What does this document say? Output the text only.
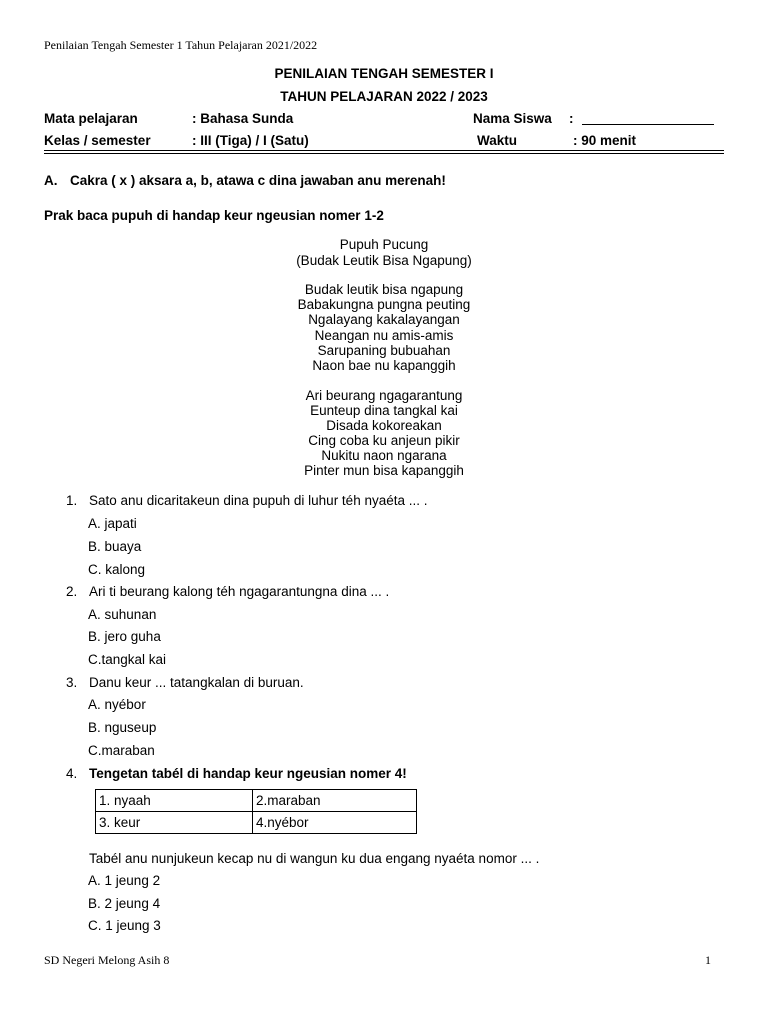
Penilaian Tengah Semester 1 Tahun Pelajaran 2021/2022
PENILAIAN TENGAH SEMESTER I
TAHUN PELAJARAN 2022 / 2023
Mata pelajaran	: Bahasa Sunda	Nama Siswa :
Kelas / semester	: III (Tiga) / I (Satu)	Waktu	: 90 menit
A. Cakra ( x ) aksara a, b, atawa c dina jawaban anu merenah!
Prak baca pupuh di handap keur ngeusian nomer 1-2
Pupuh Pucung
(Budak Leutik Bisa Ngapung)
Budak leutik bisa ngapung
Babakungna pungna peuting
Ngalayang kakalayangan
Neangan nu amis-amis
Sarupaning bubuahan
Naon bae nu kapanggih
Ari beurang ngagarantung
Eunteup dina tangkal kai
Disada kokoreakan
Cing coba ku anjeun pikir
Nukitu naon ngarana
Pinter mun bisa kapanggih
1. Sato anu dicaritakeun dina pupuh di luhur téh nyaéta ... .
A. japati
B. buaya
C. kalong
2. Ari ti beurang kalong téh ngagarantungna dina ... .
A. suhunan
B. jero guha
C.tangkal kai
3. Danu keur ... tatangkalan di buruan.
A. nyébor
B. nguseup
C.maraban
4. Tengetan tabél di handap keur ngeusian nomer 4!
1. nyaah	2.maraban
3. keur	4.nyébor
Tabél anu nunjukeun kecap nu di wangun ku dua engang nyaéta nomor ... .
A. 1 jeung 2
B. 2 jeung 4
C. 1 jeung 3
SD Negeri Melong Asih 8	1
